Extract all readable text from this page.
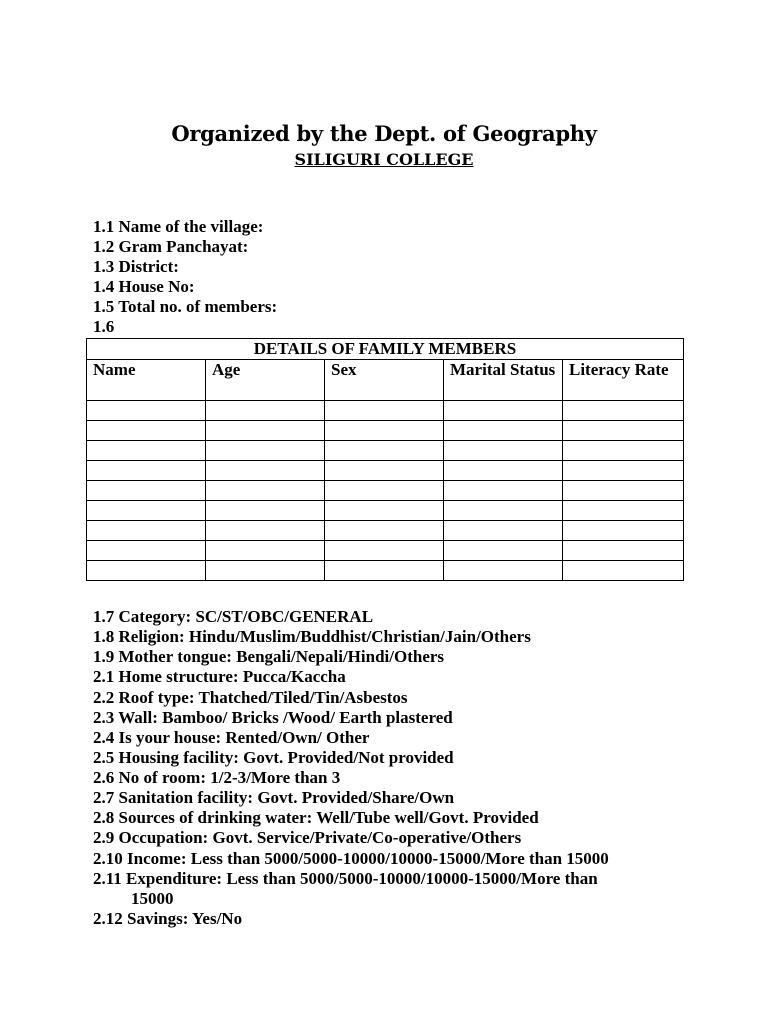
Organized by the Dept. of Geography
SILIGURI COLLEGE
1.1 Name of the village:
1.2 Gram Panchayat:
1.3 District:
1.4 House No:
1.5 Total no. of members:
1.6
DETAILS OF FAMILY MEMBERS				
Name	Age	Sex	Marital Status	Literacy Rate

1.7 Category: SC/ST/OBC/GENERAL
1.8 Religion: Hindu/Muslim/Buddhist/Christian/Jain/Others
1.9 Mother tongue: Bengali/Nepali/Hindi/Others
2.1 Home structure: Pucca/Kaccha
2.2 Roof type: Thatched/Tiled/Tin/Asbestos
2.3 Wall: Bamboo/ Bricks /Wood/ Earth plastered
2.4 Is your house: Rented/Own/ Other
2.5 Housing facility: Govt. Provided/Not provided
2.6 No of room: 1/2-3/More than 3
2.7 Sanitation facility: Govt. Provided/Share/Own
2.8 Sources of drinking water: Well/Tube well/Govt. Provided
2.9 Occupation: Govt. Service/Private/Co-operative/Others
2.10 Income: Less than 5000/5000-10000/10000-15000/More than 15000
2.11 Expenditure: Less than 5000/5000-10000/10000-15000/More than
15000
2.12 Savings: Yes/No
